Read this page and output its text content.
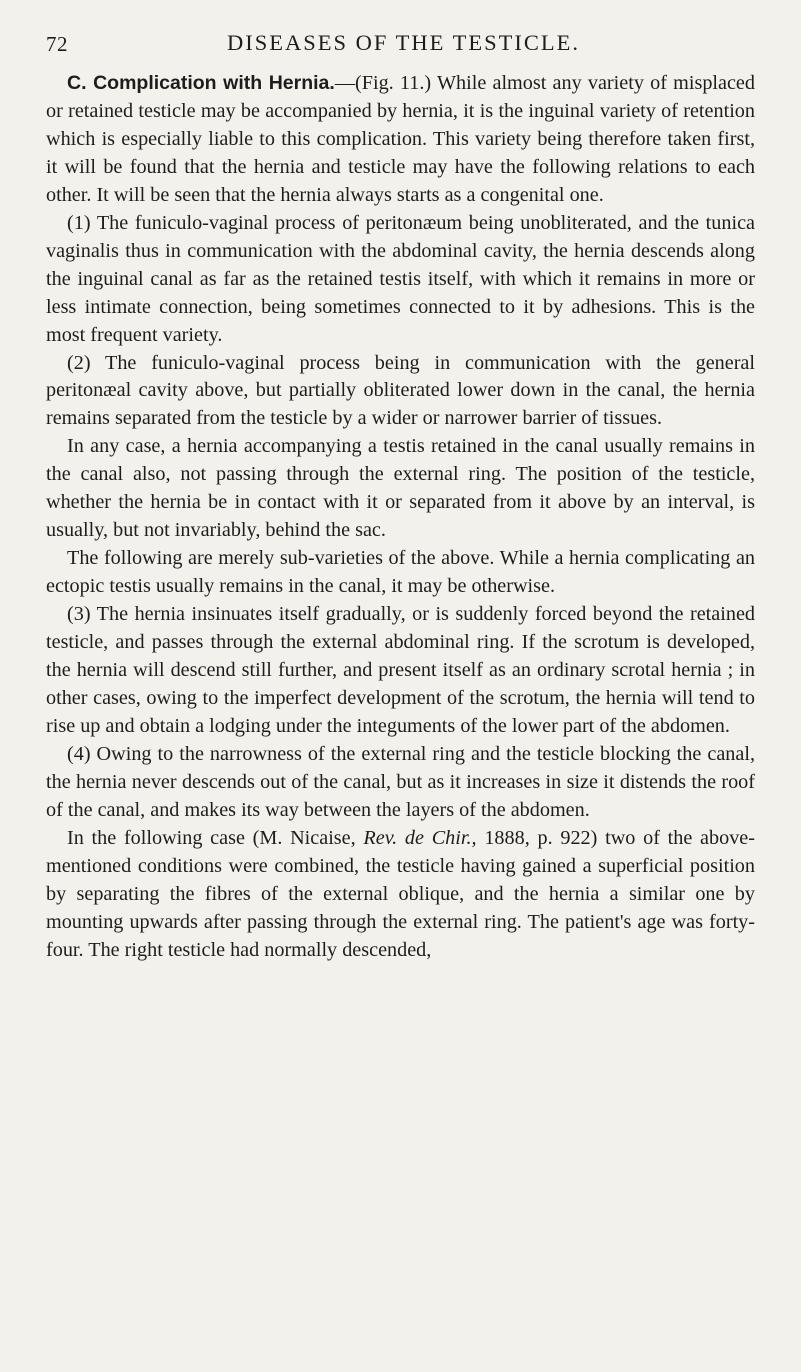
72	DISEASES OF THE TESTICLE.

C. Complication with Hernia.—(Fig. 11.) While almost any variety of misplaced or retained testicle may be accompanied by hernia, it is the inguinal variety of retention which is especially liable to this complication. This variety being therefore taken first, it will be found that the hernia and testicle may have the following relations to each other. It will be seen that the hernia always starts as a congenital one.

(1) The funiculo-vaginal process of peritonæum being unobliterated, and the tunica vaginalis thus in communication with the abdominal cavity, the hernia descends along the inguinal canal as far as the retained testis itself, with which it remains in more or less intimate connection, being sometimes connected to it by adhesions. This is the most frequent variety.

(2) The funiculo-vaginal process being in communication with the general peritonæal cavity above, but partially obliterated lower down in the canal, the hernia remains separated from the testicle by a wider or narrower barrier of tissues.

In any case, a hernia accompanying a testis retained in the canal usually remains in the canal also, not passing through the external ring. The position of the testicle, whether the hernia be in contact with it or separated from it above by an interval, is usually, but not invariably, behind the sac.

The following are merely sub-varieties of the above. While a hernia complicating an ectopic testis usually remains in the canal, it may be otherwise.

(3) The hernia insinuates itself gradually, or is suddenly forced beyond the retained testicle, and passes through the external abdominal ring. If the scrotum is developed, the hernia will descend still further, and present itself as an ordinary scrotal hernia ; in other cases, owing to the imperfect development of the scrotum, the hernia will tend to rise up and obtain a lodging under the integuments of the lower part of the abdomen.

(4) Owing to the narrowness of the external ring and the testicle blocking the canal, the hernia never descends out of the canal, but as it increases in size it distends the roof of the canal, and makes its way between the layers of the abdomen.

In the following case (M. Nicaise, Rev. de Chir., 1888, p. 922) two of the above-mentioned conditions were combined, the testicle having gained a superficial position by separating the fibres of the external oblique, and the hernia a similar one by mounting upwards after passing through the external ring. The patient's age was forty-four. The right testicle had normally descended,
